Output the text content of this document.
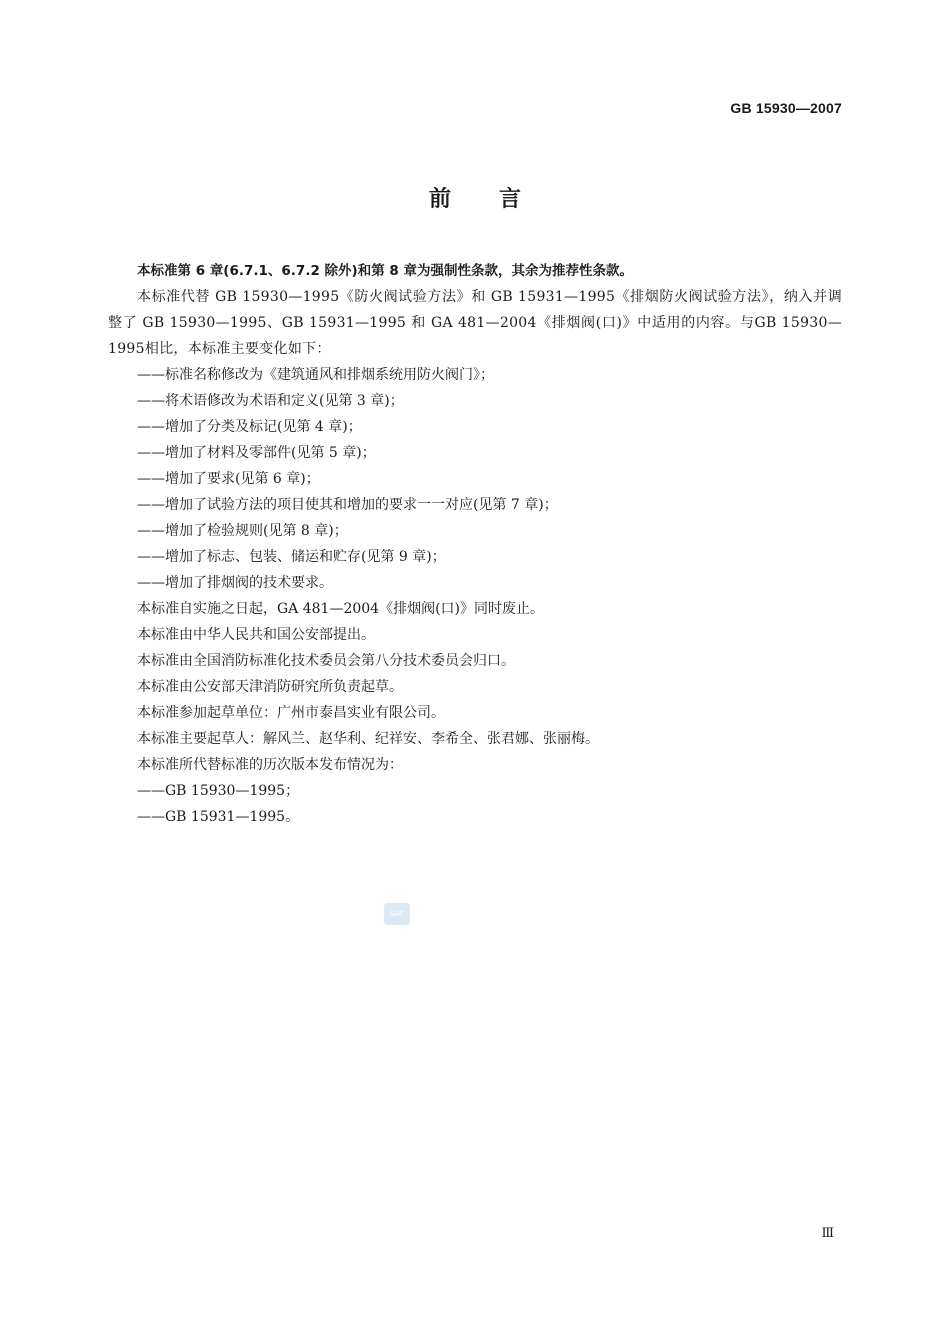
GB 15930—2007
前言

本标准第 6 章(6.7.1、6.7.2 除外)和第 8 章为强制性条款，其余为推荐性条款。

本标准代替 GB 15930—1995《防火阀试验方法》和 GB 15931—1995《排烟防火阀试验方法》，纳入并调整了 GB 15930—1995、GB 15931—1995 和 GA 481—2004《排烟阀(口)》中适用的内容。与GB 15930—1995相比，本标准主要变化如下：

——标准名称修改为《建筑通风和排烟系统用防火阀门》；

——将术语修改为术语和定义(见第 3 章)；

——增加了分类及标记(见第 4 章)；

——增加了材料及零部件(见第 5 章)；

——增加了要求(见第 6 章)；

——增加了试验方法的项目使其和增加的要求一一对应(见第 7 章)；

——增加了检验规则(见第 8 章)；

——增加了标志、包装、储运和贮存(见第 9 章)；

——增加了排烟阀的技术要求。

本标准自实施之日起，GA 481—2004《排烟阀(口)》同时废止。

本标准由中华人民共和国公安部提出。

本标准由全国消防标准化技术委员会第八分技术委员会归口。

本标准由公安部天津消防研究所负责起草。

本标准参加起草单位：广州市泰昌实业有限公司。

本标准主要起草人：解风兰、赵华利、纪祥安、李希全、张君娜、张丽梅。

本标准所代替标准的历次版本发布情况为：

——GB 15930—1995；

——GB 15931—1995。

SAC
Ⅲ
